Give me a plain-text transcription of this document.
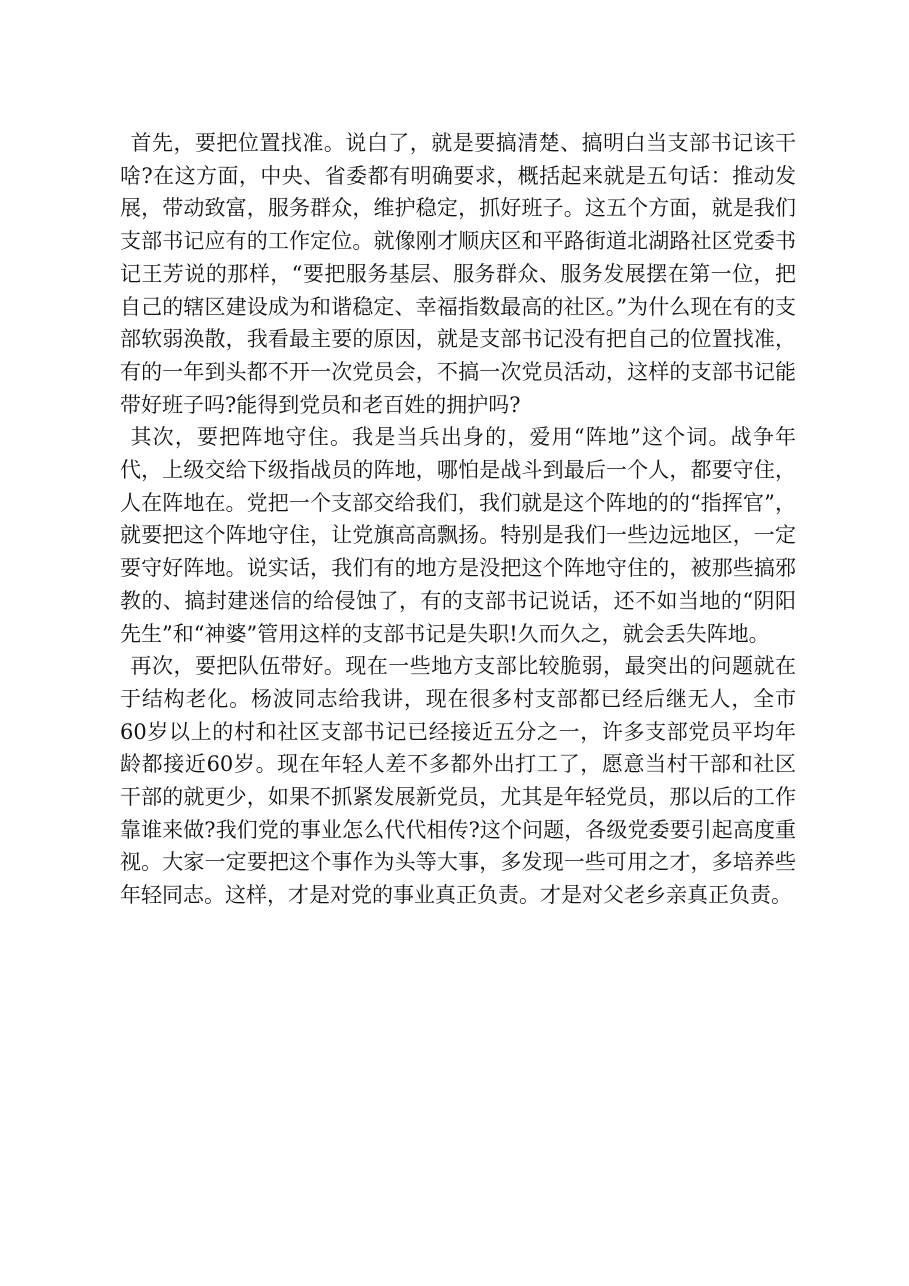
首先，要把位置找准。说白了，就是要搞清楚、搞明白当支部书记该干啥?在这方面，中央、省委都有明确要求，概括起来就是五句话：推动发展，带动致富，服务群众，维护稳定，抓好班子。这五个方面，就是我们支部书记应有的工作定位。就像刚才顺庆区和平路街道北湖路社区党委书记王芳说的那样，“要把服务基层、服务群众、服务发展摆在第一位，把自己的辖区建设成为和谐稳定、幸福指数最高的社区。”为什么现在有的支部软弱涣散，我看最主要的原因，就是支部书记没有把自己的位置找准，有的一年到头都不开一次党员会，不搞一次党员活动，这样的支部书记能带好班子吗?能得到党员和老百姓的拥护吗?

其次，要把阵地守住。我是当兵出身的，爱用“阵地”这个词。战争年代，上级交给下级指战员的阵地，哪怕是战斗到最后一个人，都要守住，人在阵地在。党把一个支部交给我们，我们就是这个阵地的的“指挥官”，就要把这个阵地守住，让党旗高高飘扬。特别是我们一些边远地区，一定要守好阵地。说实话，我们有的地方是没把这个阵地守住的，被那些搞邪教的、搞封建迷信的给侵蚀了，有的支部书记说话，还不如当地的“阴阳先生”和“神婆”管用这样的支部书记是失职!久而久之，就会丢失阵地。

再次，要把队伍带好。现在一些地方支部比较脆弱，最突出的问题就在于结构老化。杨波同志给我讲，现在很多村支部都已经后继无人，全市60岁以上的村和社区支部书记已经接近五分之一，许多支部党员平均年龄都接近60岁。现在年轻人差不多都外出打工了，愿意当村干部和社区干部的就更少，如果不抓紧发展新党员，尤其是年轻党员，那以后的工作靠谁来做?我们党的事业怎么代代相传?这个问题，各级党委要引起高度重视。大家一定要把这个事作为头等大事，多发现一些可用之才，多培养些年轻同志。这样，才是对党的事业真正负责。才是对父老乡亲真正负责。
